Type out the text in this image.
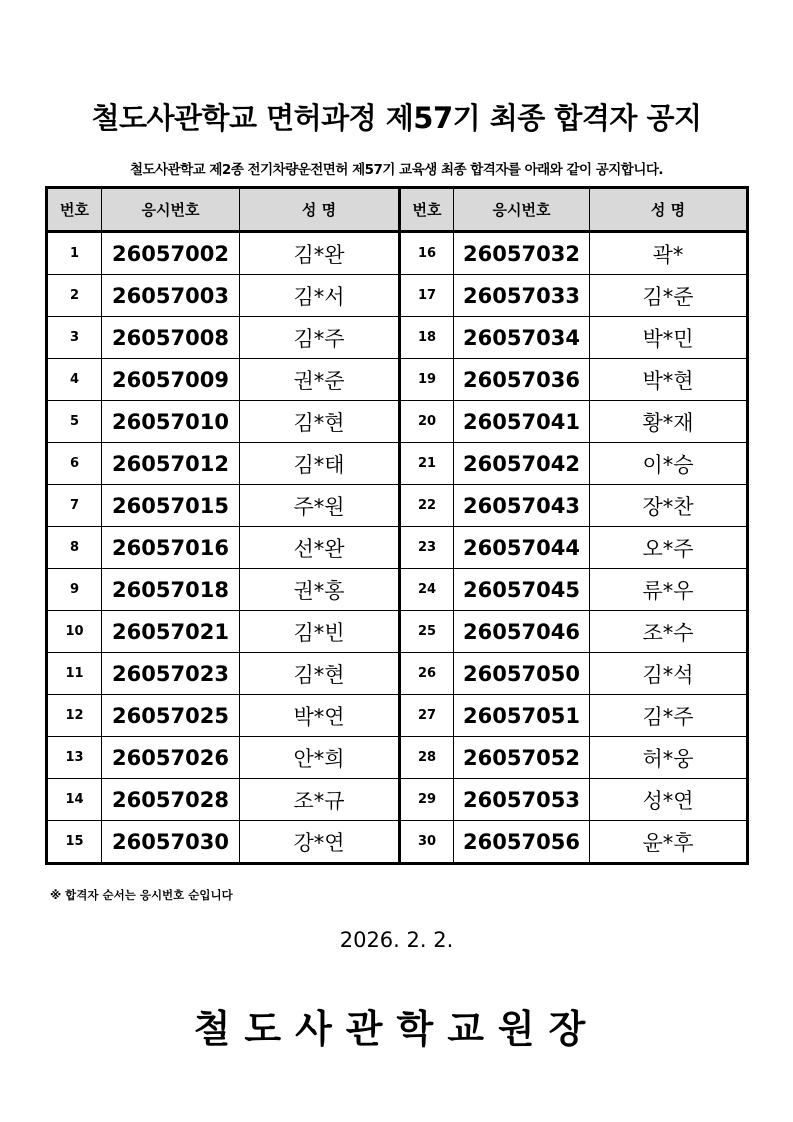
철도사관학교 면허과정 제57기 최종 합격자 공지
철도사관학교 제2종 전기차량운전면허 제57기 교육생 최종 합격자를 아래와 같이 공지합니다.
번호	응시번호	성 명	번호	응시번호	성 명
1	26057002	김*완	16	26057032	곽*
2	26057003	김*서	17	26057033	김*준
3	26057008	김*주	18	26057034	박*민
4	26057009	권*준	19	26057036	박*현
5	26057010	김*현	20	26057041	황*재
6	26057012	김*태	21	26057042	이*승
7	26057015	주*원	22	26057043	장*찬
8	26057016	선*완	23	26057044	오*주
9	26057018	권*홍	24	26057045	류*우
10	26057021	김*빈	25	26057046	조*수
11	26057023	김*현	26	26057050	김*석
12	26057025	박*연	27	26057051	김*주
13	26057026	안*희	28	26057052	허*웅
14	26057028	조*규	29	26057053	성*연
15	26057030	강*연	30	26057056	윤*후
※ 합격자 순서는 응시번호 순입니다
2026. 2. 2.
철도사관학교원장
